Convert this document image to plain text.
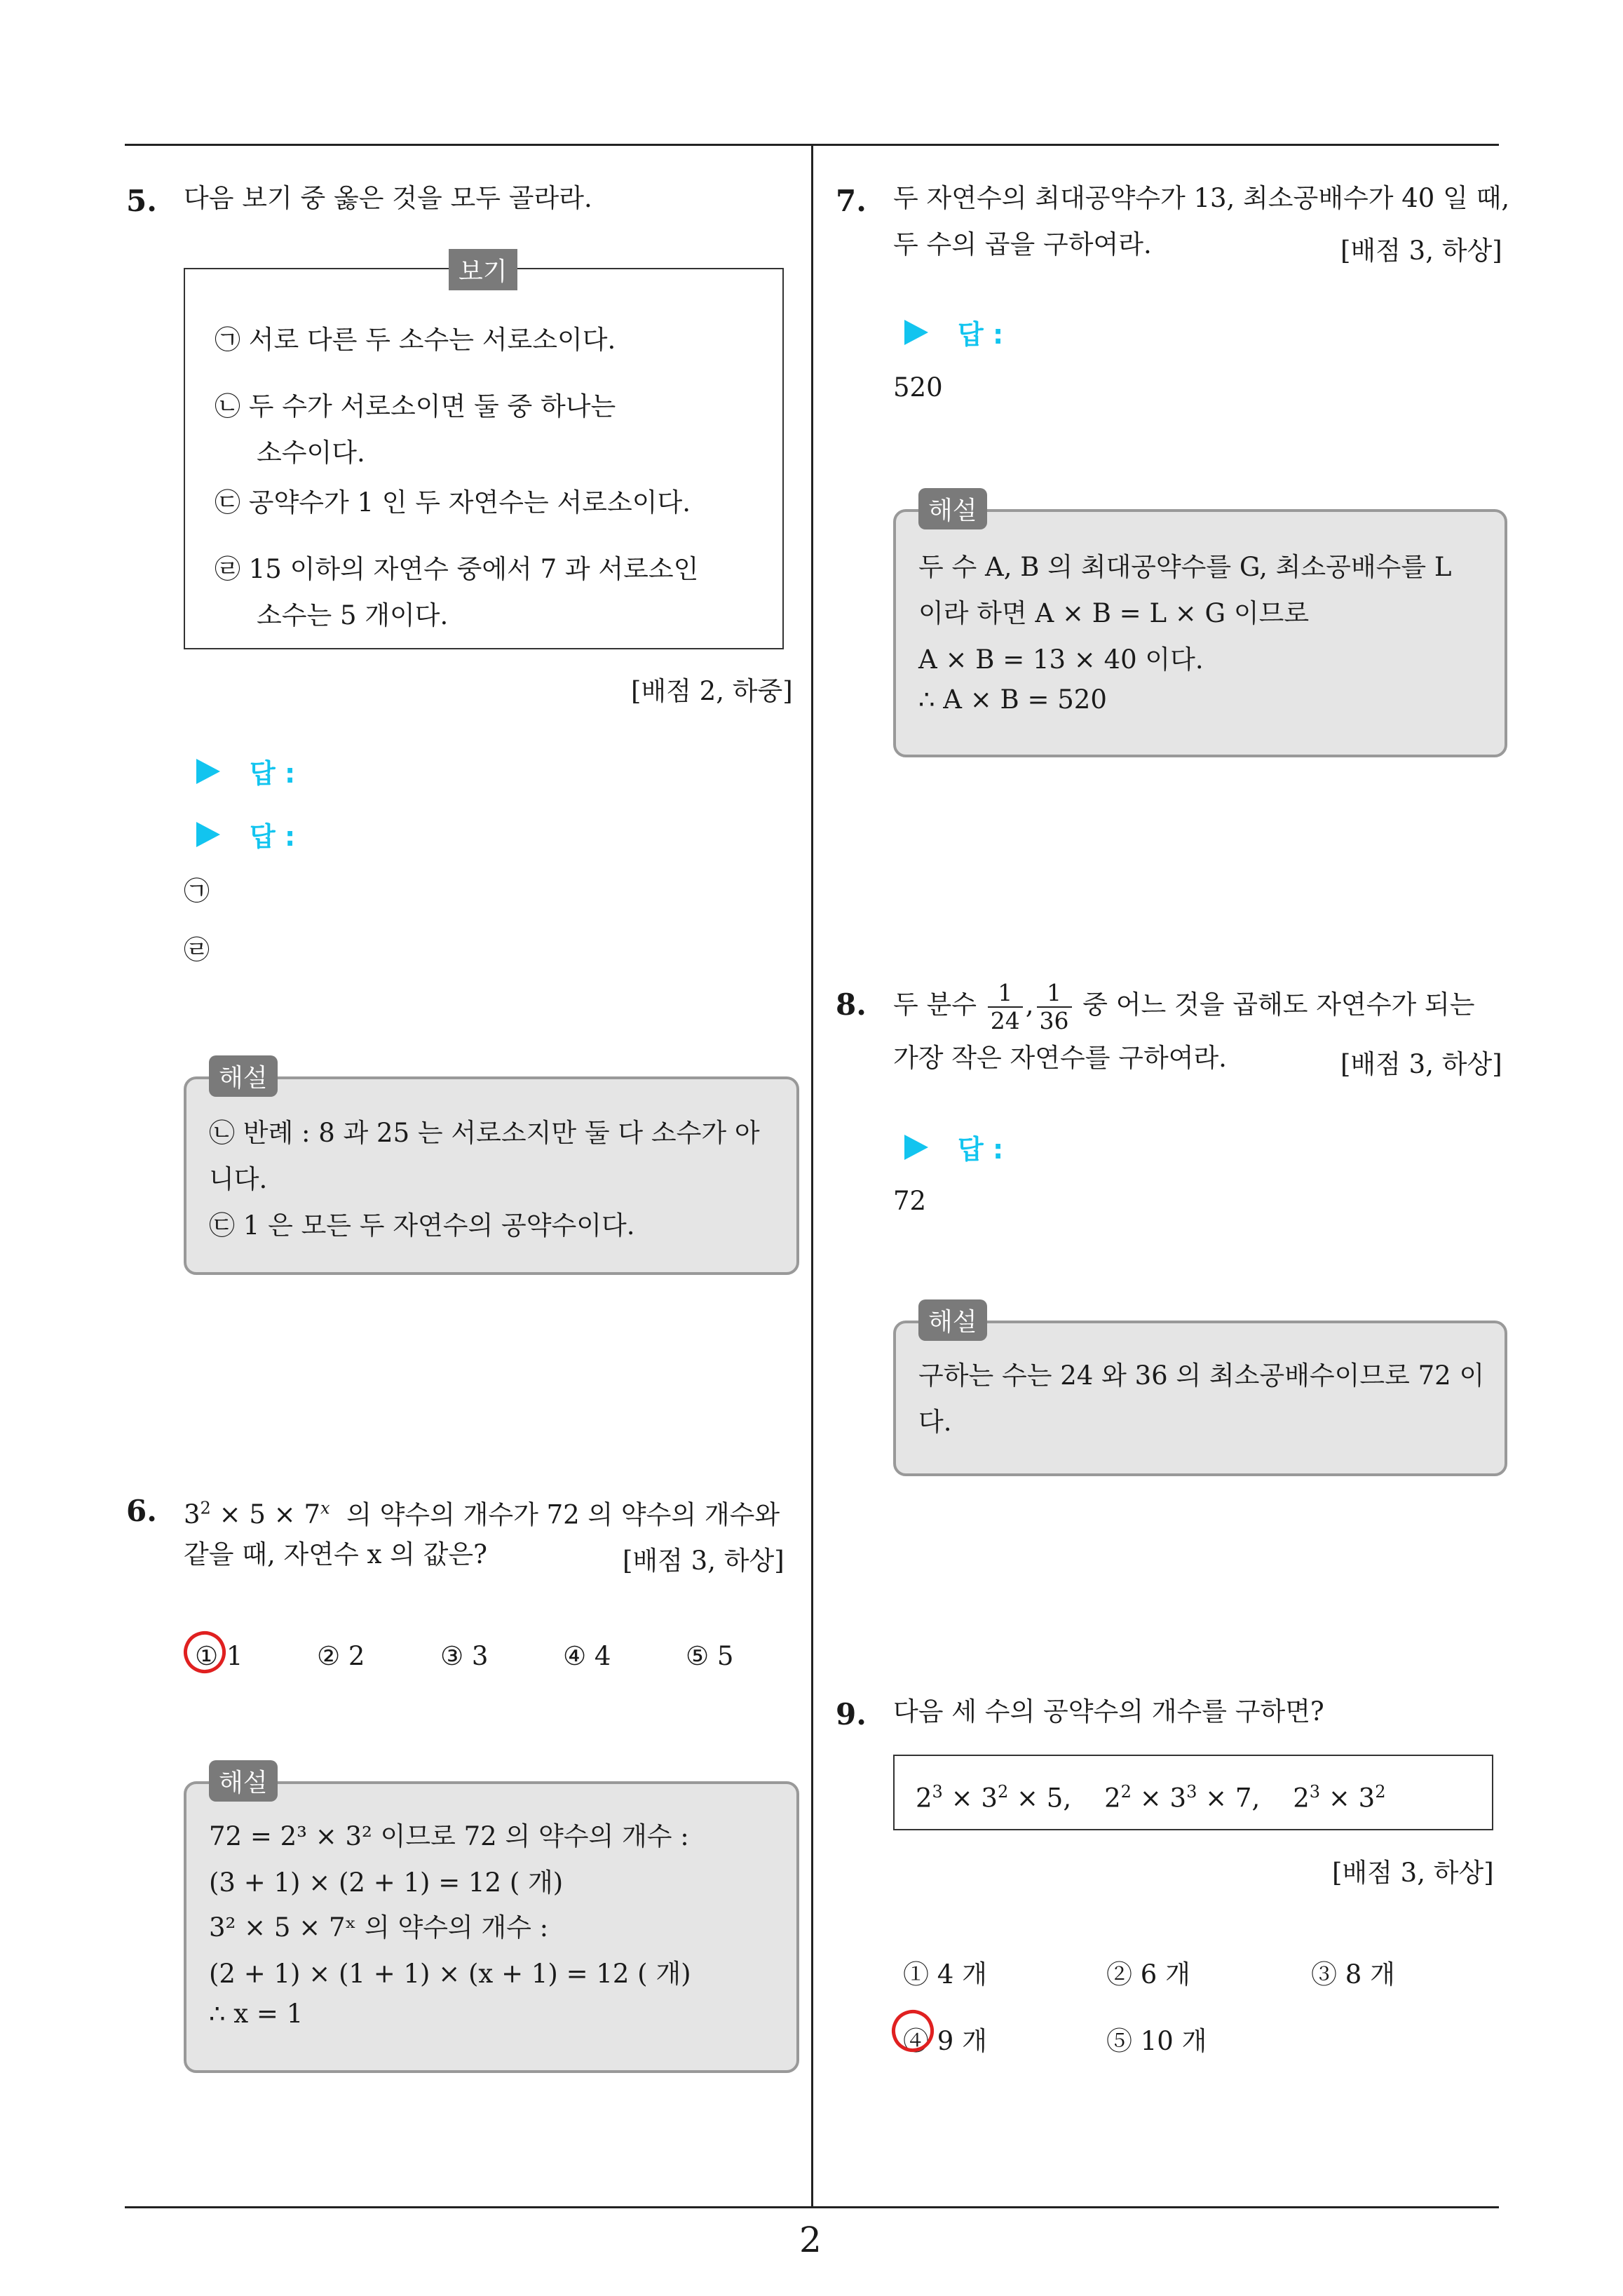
5. 다음 보기 중 옳은 것을 모두 골라라.
㉠ 서로 다른 두 소수는 서로소이다.
㉡ 두 수가 서로소이면 둘 중 하나는
소수이다.
㉢ 공약수가 1 인 두 자연수는 서로소이다.
㉣ 15 이하의 자연수 중에서 7 과 서로소인
소수는 5 개이다.
보기
[배점 2, 하중]
답 :
답 :
㉠
㉣
㉡ 반례 : 8 과 25 는 서로소지만 둘 다 소수가 아
니다.
㉢ 1 은 모든 두 자연수의 공약수이다.
해설
6. $3^2 \times 5 \times 7^x$ 의 약수의 개수가 72 의 약수의 개수와
같을 때, 자연수 x 의 값은?	[배점 3, 하상]
① 1	② 2	③ 3	④ 4	⑤ 5
72 = 2³ × 3² 이므로 72 의 약수의 개수 :
(3 + 1) × (2 + 1) = 12 ( 개)
3² × 5 × 7ˣ 의 약수의 개수 :
(2 + 1) × (1 + 1) × (x + 1) = 12 ( 개)
∴ x = 1
해설
7. 두 자연수의 최대공약수가 13, 최소공배수가 40 일 때,
두 수의 곱을 구하여라.	[배점 3, 하상]
답 :
520
두 수 A, B 의 최대공약수를 G, 최소공배수를 L
이라 하면 A × B = L × G 이므로
A × B = 13 × 40 이다.
∴ A × B = 520
해설
8. 두 분수 $\frac{1}{24}$ , $\frac{1}{36}$ 중 어느 것을 곱해도 자연수가 되는
가장 작은 자연수를 구하여라.	[배점 3, 하상]
답 :
72
구하는 수는 24 와 36 의 최소공배수이므로 72 이
다.
해설
9. 다음 세 수의 공약수의 개수를 구하면?
$2^3 \times 3^2 \times 5$,    $2^2 \times 3^3 \times 7$,    $2^3 \times 3^2$
[배점 3, 하상]
① 4 개	② 6 개	③ 8 개
④ 9 개	⑤ 10 개
2
